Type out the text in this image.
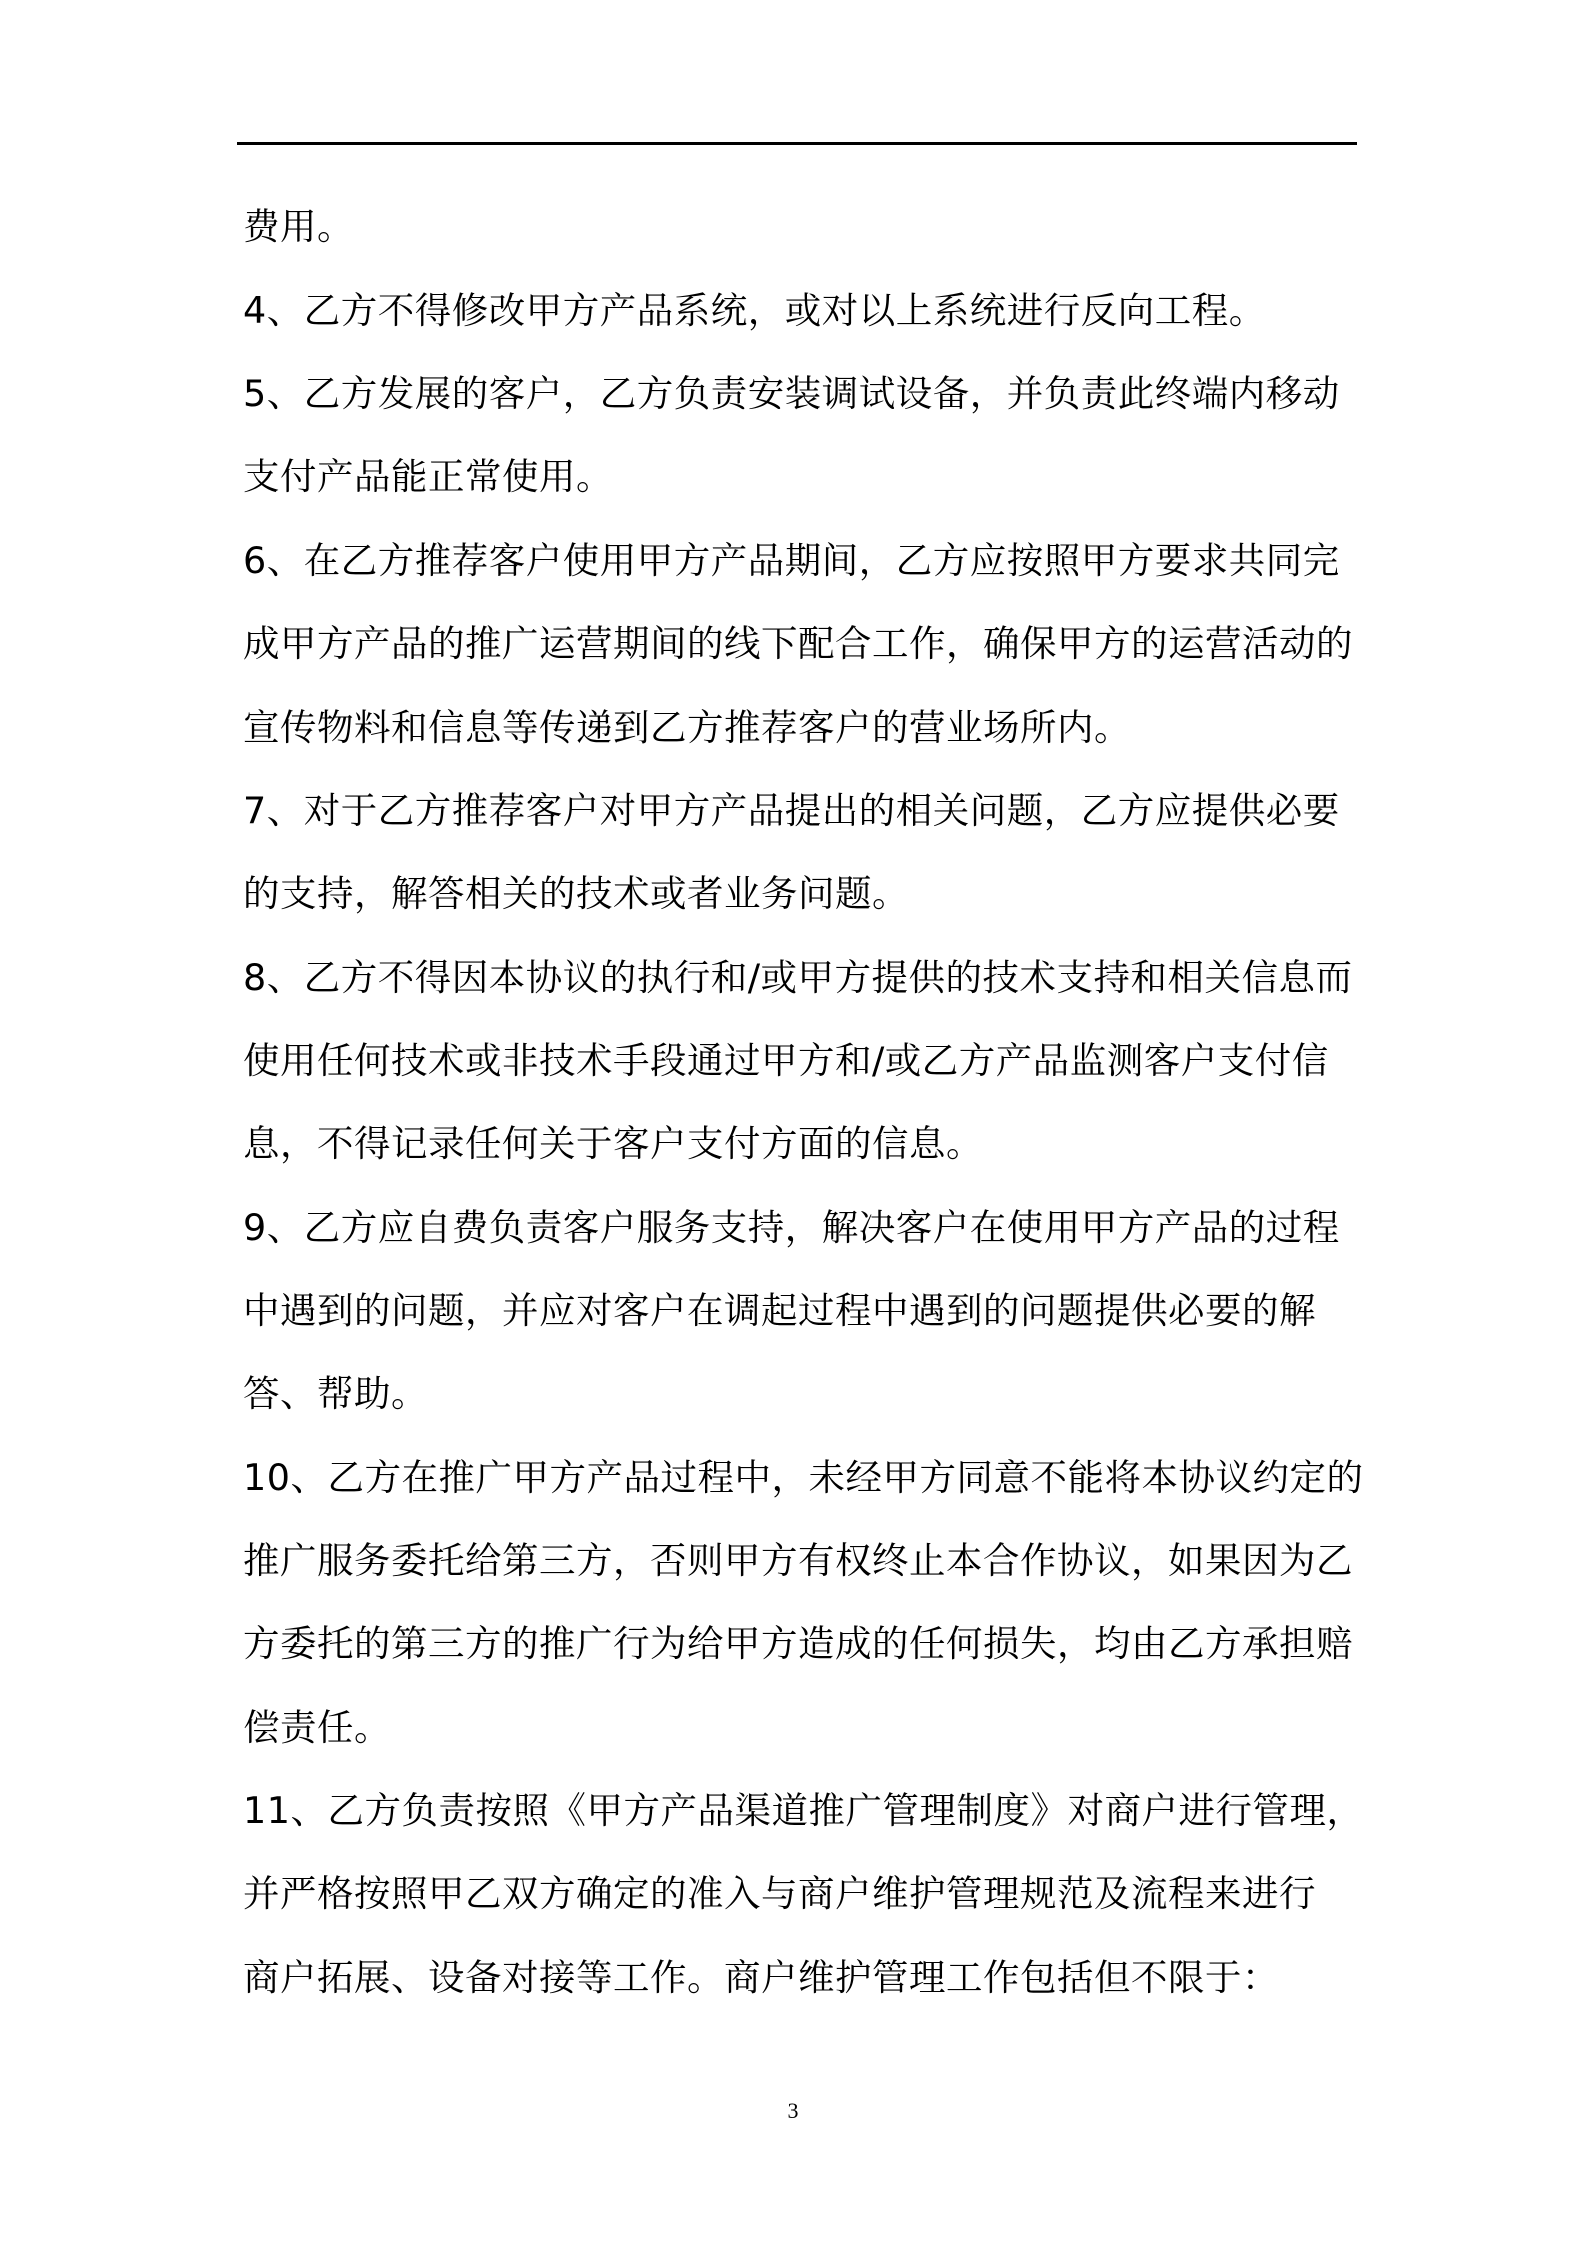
费用。
4、乙方不得修改甲方产品系统，或对以上系统进行反向工程。
5、乙方发展的客户，乙方负责安装调试设备，并负责此终端内移动
支付产品能正常使用。
6、在乙方推荐客户使用甲方产品期间，乙方应按照甲方要求共同完
成甲方产品的推广运营期间的线下配合工作，确保甲方的运营活动的
宣传物料和信息等传递到乙方推荐客户的营业场所内。
7、对于乙方推荐客户对甲方产品提出的相关问题，乙方应提供必要
的支持，解答相关的技术或者业务问题。
8、乙方不得因本协议的执行和/或甲方提供的技术支持和相关信息而
使用任何技术或非技术手段通过甲方和/或乙方产品监测客户支付信
息，不得记录任何关于客户支付方面的信息。
9、乙方应自费负责客户服务支持，解决客户在使用甲方产品的过程
中遇到的问题，并应对客户在调起过程中遇到的问题提供必要的解
答、帮助。
10、乙方在推广甲方产品过程中，未经甲方同意不能将本协议约定的
推广服务委托给第三方，否则甲方有权终止本合作协议，如果因为乙
方委托的第三方的推广行为给甲方造成的任何损失，均由乙方承担赔
偿责任。
11、乙方负责按照《甲方产品渠道推广管理制度》对商户进行管理，
并严格按照甲乙双方确定的准入与商户维护管理规范及流程来进行
商户拓展、设备对接等工作。商户维护管理工作包括但不限于：
3
